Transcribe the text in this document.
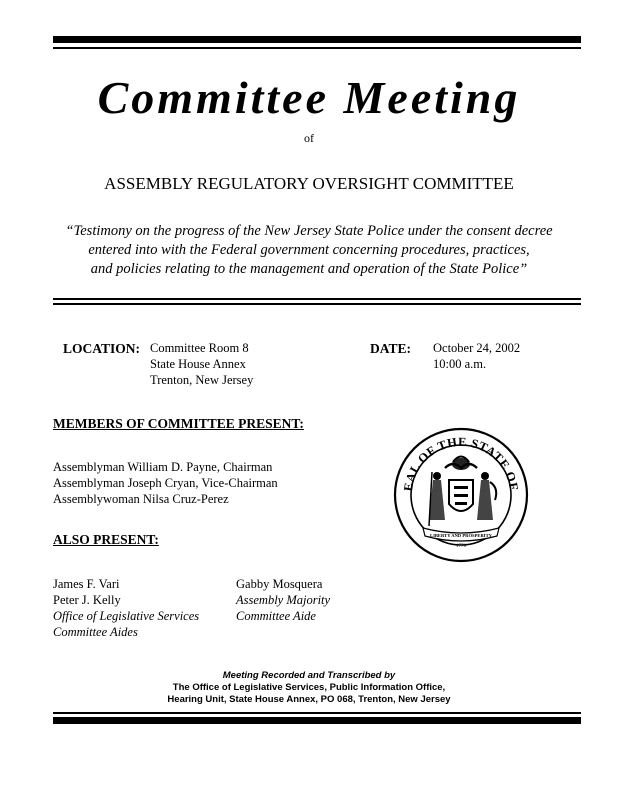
Committee Meeting
of
ASSEMBLY REGULATORY OVERSIGHT COMMITTEE
“Testimony on the progress of the New Jersey State Police under the consent decree
entered into with the Federal government concerning procedures, practices,
and policies relating to the management and operation of the State Police”
LOCATION: Committee Room 8
State House Annex
Trenton, New Jersey
DATE: October 24, 2002
10:00 a.m.
MEMBERS OF COMMITTEE PRESENT:
Assemblyman William D. Payne, Chairman
Assemblyman Joseph Cryan, Vice-Chairman
Assemblywoman Nilsa Cruz-Perez
ALSO PRESENT:
James F. Vari
Peter J. Kelly
Office of Legislative Services
Committee Aides
Gabby Mosquera
Assembly Majority
Committee Aide
EAL OF THE STATE OF
LIBERTY AND PROSPERITY
1776
Meeting Recorded and Transcribed by
The Office of Legislative Services, Public Information Office,
Hearing Unit, State House Annex, PO 068, Trenton, New Jersey
